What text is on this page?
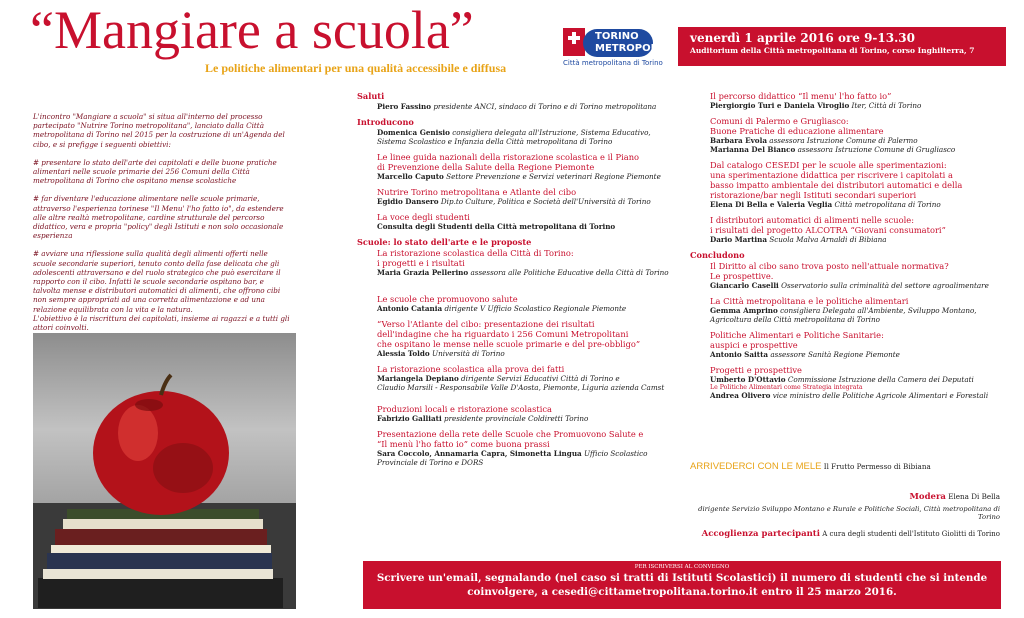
“Mangiare a scuola”
Le politiche alimentari per una qualità accessibile e diffusa
TORINO
METROPOLI
Città metropolitana di Torino
venerdì 1 aprile 2016 ore 9-13.30
Auditorium della Città metropolitana di Torino, corso Inghilterra, 7

L'incontro "Mangiare a scuola" si situa all'interno del processo partecipato "Nutrire Torino metropolitana", lanciato dalla Città metropolitana di Torino nel 2015 per la costruzione di un'Agenda del cibo, e si prefigge i seguenti obiettivi:

# presentare lo stato dell'arte dei capitolati e delle buone pratiche alimentari nelle scuole primarie dei 256 Comuni della Città metropolitana di Torino che ospitano mense scolastiche

# far diventare l'educazione alimentare nelle scuole primarie, attraverso l'esperienza torinese "Il Menu' l'ho fatto io", da estendere alle altre realtà metropolitane, cardine strutturale del percorso didattico, vera e propria "policy" degli Istituti e non solo occasionale esperienza

# avviare una riflessione sulla qualità degli alimenti offerti nelle scuole secondarie superiori, tenuto conto della fase delicata che gli adolescenti attraversano e del ruolo strategico che può esercitare il rapporto con il cibo. Infatti le scuole secondarie ospitano bar, e talvolta mense e distributori automatici di alimenti, che offrono cibi non sempre appropriati ad una corretta alimentazione e ad una relazione equilibrata con la vita e la natura.
L'obiettivo è la riscrittura dei capitolati, insieme ai ragazzi e a tutti gli attori coinvolti.
Saluti
Piero Fassino presidente ANCI, sindaco di Torino e di Torino metropolitana
Introducono
Domenica Genisio consigliera delegata all'Istruzione, Sistema Educativo,
Sistema Scolastico e Infanzia della Città metropolitana di Torino
Le linee guida nazionali della ristorazione scolastica e il Piano
di Prevenzione della Salute della Regione Piemonte
Marcello Caputo Settore Prevenzione e Servizi veterinari Regione Piemonte
Nutrire Torino metropolitana e Atlante del cibo
Egidio Dansero Dip.to Culture, Politica e Società dell'Università di Torino
La voce degli studenti
Consulta degli Studenti della Città metropolitana di Torino
Scuole: lo stato dell'arte e le proposte
La ristorazione scolastica della Città di Torino:
i progetti e i risultati
Maria Grazia Pellerino assessora alle Politiche Educative della Città di Torino
Le scuole che promuovono salute
Antonio Catania dirigente V Ufficio Scolastico Regionale Piemonte
“Verso l'Atlante del cibo: presentazione dei risultati
dell'indagine che ha riguardato i 256 Comuni Metropolitani
che ospitano le mense nelle scuole primarie e del pre-obbligo”
Alessia Toldo Università di Torino
La ristorazione scolastica alla prova dei fatti
Mariangela Depiano dirigente Servizi Educativi Città di Torino e
Claudio Marsili - Responsabile Valle D'Aosta, Piemonte, Liguria azienda Camst
Produzioni locali e ristorazione scolastica
Fabrizio Galliati presidente provinciale Coldiretti Torino
Presentazione della rete delle Scuole che Promuovono Salute e
“Il menù l'ho fatto io” come buona prassi
Sara Coccolo, Annamaria Capra, Simonetta Lingua Ufficio Scolastico
Provinciale di Torino e DORS
Il percorso didattico “Il menu' l'ho fatto io”
Piergiorgio Turi e Daniela Viroglio Iter, Città di Torino
Comuni di Palermo e Grugliasco:
Buone Pratiche di educazione alimentare
Barbara Evola assessora Istruzione Comune di Palermo
Marianna Del Bianco assessora Istruzione Comune di Grugliasco
Dal catalogo CESEDI per le scuole alle sperimentazioni:
una sperimentazione didattica per riscrivere i capitolati a
basso impatto ambientale dei distributori automatici e della
ristorazione/bar negli Istituti secondari superiori
Elena Di Bella e Valeria Veglia Città metropolitana di Torino
I distributori automatici di alimenti nelle scuole:
i risultati del progetto ALCOTRA “Giovani consumatori”
Dario Martina Scuola Malva Arnaldi di Bibiana
Concludono
Il Diritto al cibo sano trova posto nell'attuale normativa?
Le prospettive.
Giancarlo Caselli Osservatorio sulla criminalità del settore agroalimentare
La Città metropolitana e le politiche alimentari
Gemma Amprino consigliera Delegata all'Ambiente, Sviluppo Montano,
Agricoltura della Città metropolitana di Torino
Politiche Alimentari e Politiche Sanitarie:
auspici e prospettive
Antonio Saitta assessore Sanità Regione Piemonte
Progetti e prospettive
Umberto D'Ottavio Commissione Istruzione della Camera dei Deputati
Le Politiche Alimentari come Strategia integrata
Andrea Olivero vice ministro delle Politiche Agricole Alimentari e Forestali
ARRIVEDERCI CON LE MELE Il Frutto Permesso di Bibiana
Modera Elena Di Bella
dirigente Servizio Sviluppo Montano e Rurale e Politiche Sociali, Città metropolitana di Torino
Accoglienza partecipanti A cura degli studenti dell'Istituto Giolitti di Torino
PER ISCRIVERSI AL CONVEGNO
Scrivere un'email, segnalando (nel caso si tratti di Istituti Scolastici) il numero di studenti che si intende
coinvolgere, a cesedi@cittametropolitana.torino.it entro il 25 marzo 2016.
